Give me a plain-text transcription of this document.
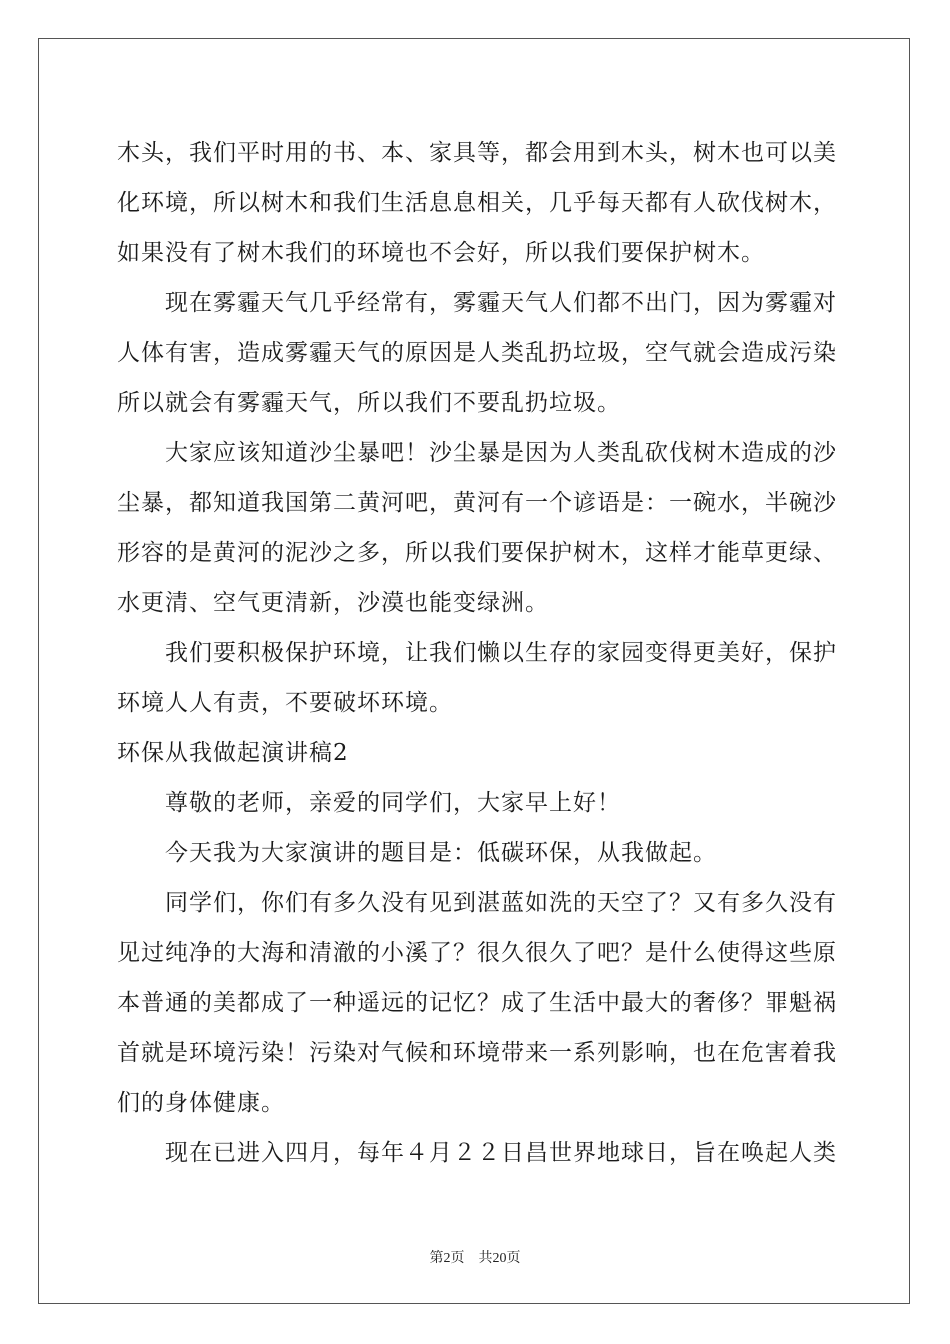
木头，我们平时用的书、本、家具等，都会用到木头，树木也可以美
化环境，所以树木和我们生活息息相关，几乎每天都有人砍伐树木，
如果没有了树木我们的环境也不会好，所以我们要保护树木。
现在雾霾天气几乎经常有，雾霾天气人们都不出门，因为雾霾对
人体有害，造成雾霾天气的原因是人类乱扔垃圾，空气就会造成污染
所以就会有雾霾天气，所以我们不要乱扔垃圾。
大家应该知道沙尘暴吧！沙尘暴是因为人类乱砍伐树木造成的沙
尘暴，都知道我国第二黄河吧，黄河有一个谚语是：一碗水，半碗沙
形容的是黄河的泥沙之多，所以我们要保护树木，这样才能草更绿、
水更清、空气更清新，沙漠也能变绿洲。
我们要积极保护环境，让我们懒以生存的家园变得更美好，保护
环境人人有责，不要破坏环境。
环保从我做起演讲稿2
尊敬的老师，亲爱的同学们，大家早上好！
今天我为大家演讲的题目是：低碳环保，从我做起。
同学们，你们有多久没有见到湛蓝如洗的天空了？又有多久没有
见过纯净的大海和清澈的小溪了？很久很久了吧？是什么使得这些原
本普通的美都成了一种遥远的记忆？成了生活中最大的奢侈？罪魁祸
首就是环境污染！污染对气候和环境带来一系列影响，也在危害着我
们的身体健康。
现在已进入四月，每年４月２２日昌世界地球日，旨在唤起人类
第2页 共20页
